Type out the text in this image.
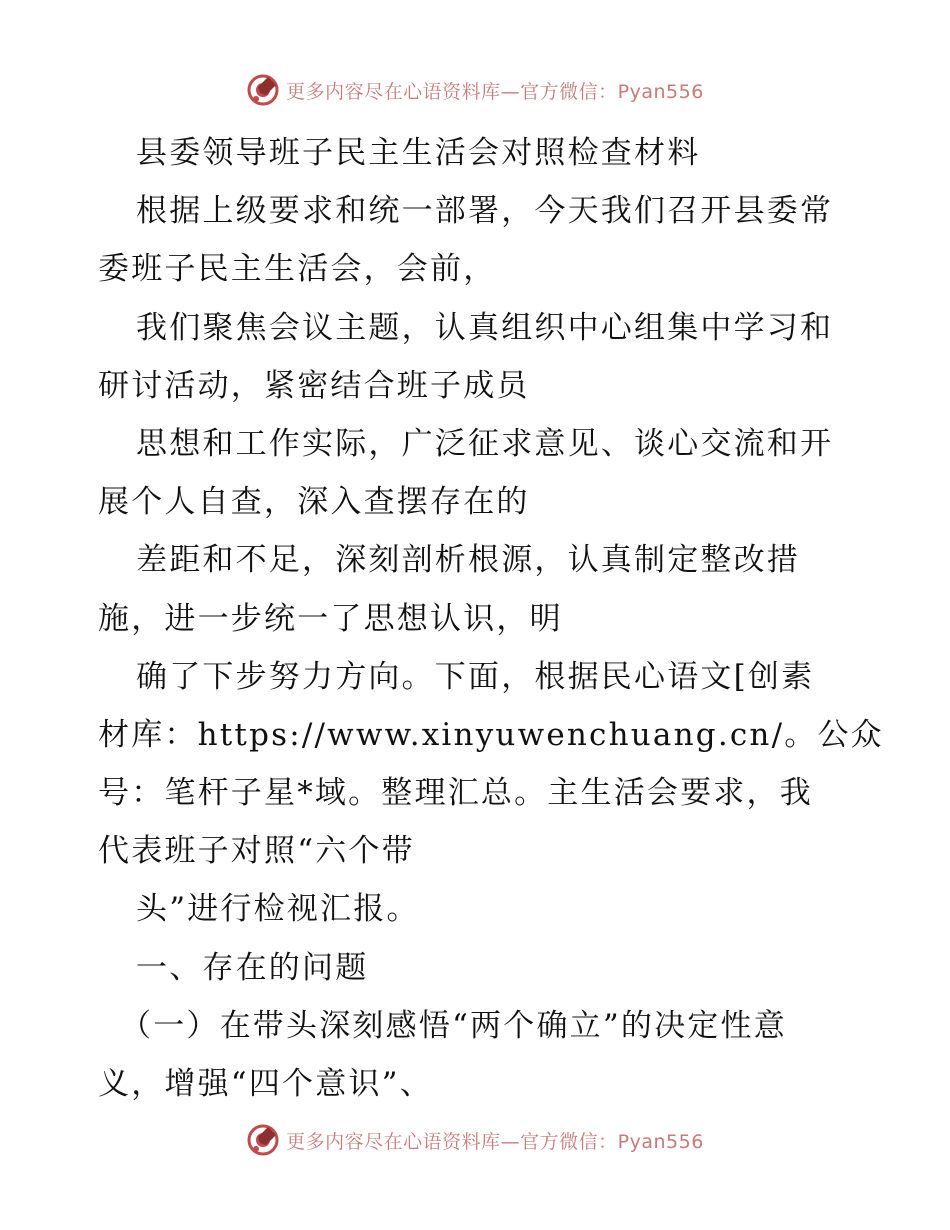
更多内容尽在心语资料库—官方微信：Pyan556
县委领导班子民主生活会对照检查材料
根据上级要求和统一部署，今天我们召开县委常
委班子民主生活会，会前，
我们聚焦会议主题，认真组织中心组集中学习和
研讨活动，紧密结合班子成员
思想和工作实际，广泛征求意见、谈心交流和开
展个人自查，深入查摆存在的
差距和不足，深刻剖析根源，认真制定整改措
施，进一步统一了思想认识，明
确了下步努力方向。下面，根据民心语文[创素
材库：https://www.xinyuwenchuang.cn/。公众
号：笔杆子星*域。整理汇总。主生活会要求，我
代表班子对照“六个带
头”进行检视汇报。
一、存在的问题
（一）在带头深刻感悟“两个确立”的决定性意
义，增强“四个意识”、
更多内容尽在心语资料库—官方微信：Pyan556
